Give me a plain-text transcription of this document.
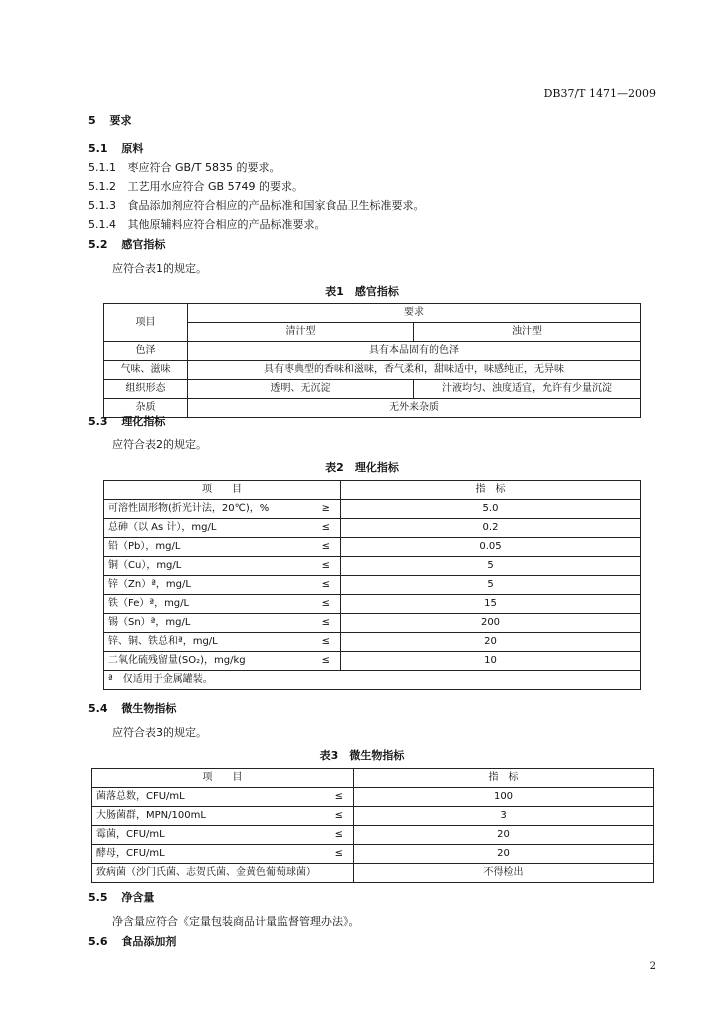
DB37/T 1471—2009
5 要求
5.1 原料
5.1.1 枣应符合 GB/T 5835 的要求。
5.1.2 工艺用水应符合 GB 5749 的要求。
5.1.3 食品添加剂应符合相应的产品标准和国家食品卫生标准要求。
5.1.4 其他原辅料应符合相应的产品标准要求。
5.2 感官指标
应符合表1的规定。
表1　感官指标
项目	要求	
	清汁型	浊汁型
色泽	具有本品固有的色泽	
气味、滋味	具有枣典型的香味和滋味，香气柔和，甜味适中，味感纯正，无异味	
组织形态	透明、无沉淀	汁液均匀、浊度适宜，允许有少量沉淀
杂质	无外来杂质	
5.3 理化指标
应符合表2的规定。
表2　理化指标
项　　目	指　标
可溶性固形物(折光计法，20℃)，% ≥	5.0
总砷（以 As 计），mg/L ≤	0.2
铅（Pb），mg/L ≤	0.05
铜（Cu），mg/L ≤	5
锌（Zn）ª，mg/L ≤	5
铁（Fe）ª，mg/L ≤	15
锡（Sn）ª，mg/L ≤	200
锌、铜、铁总和ª，mg/L ≤	20
二氧化硫残留量(SO₂)，mg/kg ≤	10
ª　仅适用于金属罐装。	
5.4 微生物指标
应符合表3的规定。
表3　微生物指标
项　　目	指　标
菌落总数，CFU/mL ≤	100
大肠菌群，MPN/100mL ≤	3
霉菌，CFU/mL ≤	20
酵母，CFU/mL ≤	20
致病菌（沙门氏菌、志贺氏菌、金黄色葡萄球菌）	不得检出
5.5 净含量
净含量应符合《定量包装商品计量监督管理办法》。
5.6 食品添加剂
2
